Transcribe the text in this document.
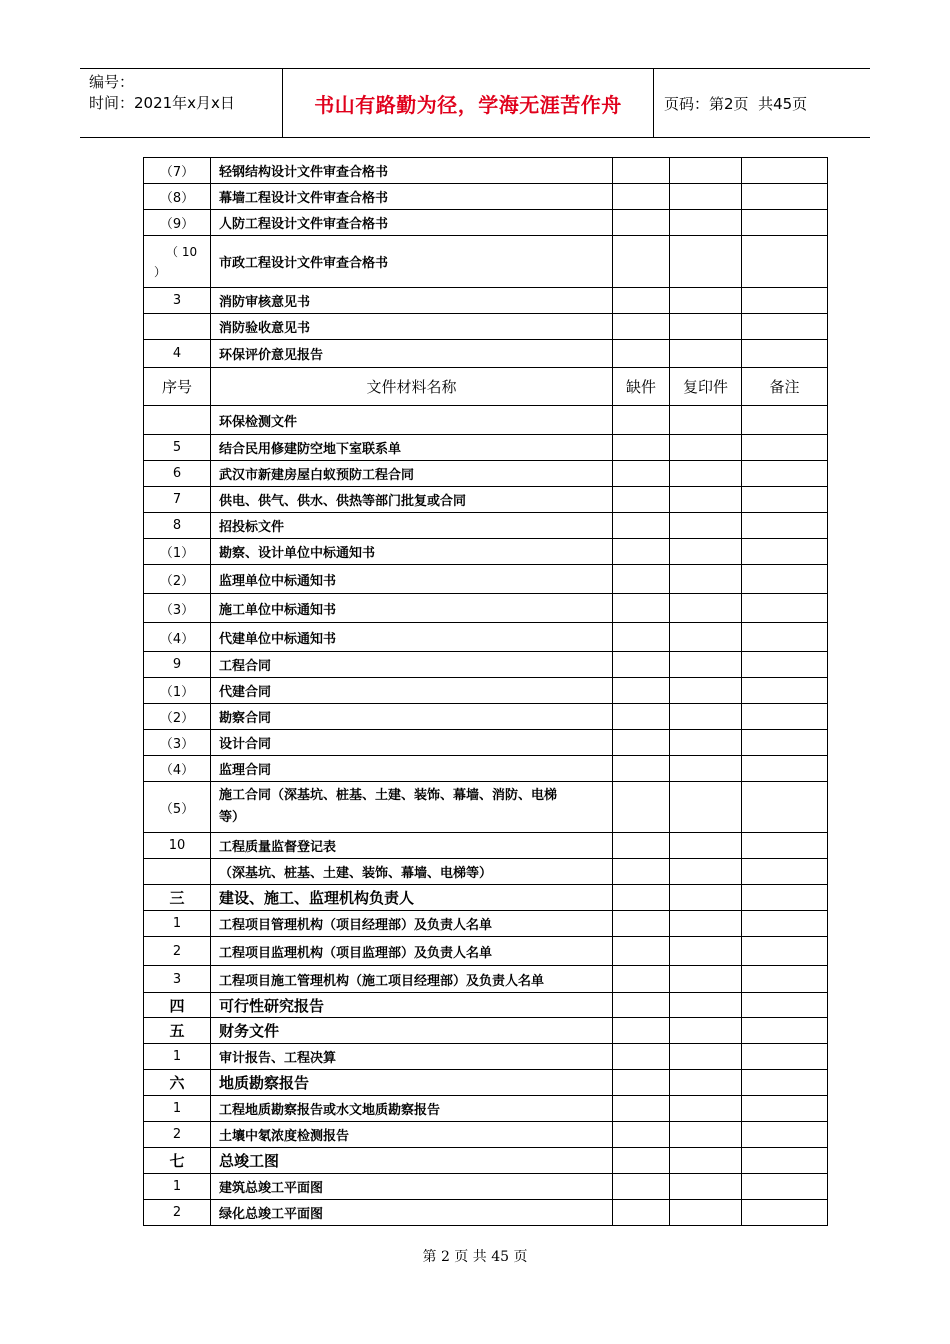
编号：
时间：2021年x月x日	书山有路勤为径，学海无涯苦作舟	页码：第2页  共45页
（7）	轻钢结构设计文件审查合格书			
（8）	幕墙工程设计文件审查合格书			
（9）	人防工程设计文件审查合格书			

（ 10
）	市政工程设计文件审查合格书			
3	消防审核意见书			
	消防验收意见书			
4	环保评价意见报告			
序号	文件材料名称	缺件	复印件	备注
	环保检测文件			
5	结合民用修建防空地下室联系单			
6	武汉市新建房屋白蚁预防工程合同			
7	供电、供气、供水、供热等部门批复或合同			
8	招投标文件			
（1）	勘察、设计单位中标通知书			
（2）	监理单位中标通知书			
（3）	施工单位中标通知书			
（4）	代建单位中标通知书			
9	工程合同			
（1）	代建合同			
（2）	勘察合同			
（3）	设计合同			
（4）	监理合同			
（5）	施工合同（深基坑、桩基、土建、装饰、幕墙、消防、电梯
等）			

10	工程质量监督登记表			
	（深基坑、桩基、土建、装饰、幕墙、电梯等）			
三	建设、施工、监理机构负责人			
1	工程项目管理机构（项目经理部）及负责人名单			
2	工程项目监理机构（项目监理部）及负责人名单			
3	工程项目施工管理机构（施工项目经理部）及负责人名单			
四	可行性研究报告			
五	财务文件			
1	审计报告、工程决算			
六	地质勘察报告			
1	工程地质勘察报告或水文地质勘察报告			
2	土壤中氡浓度检测报告			
七	总竣工图			
1	建筑总竣工平面图			
2	绿化总竣工平面图			
第 2 页 共 45 页
